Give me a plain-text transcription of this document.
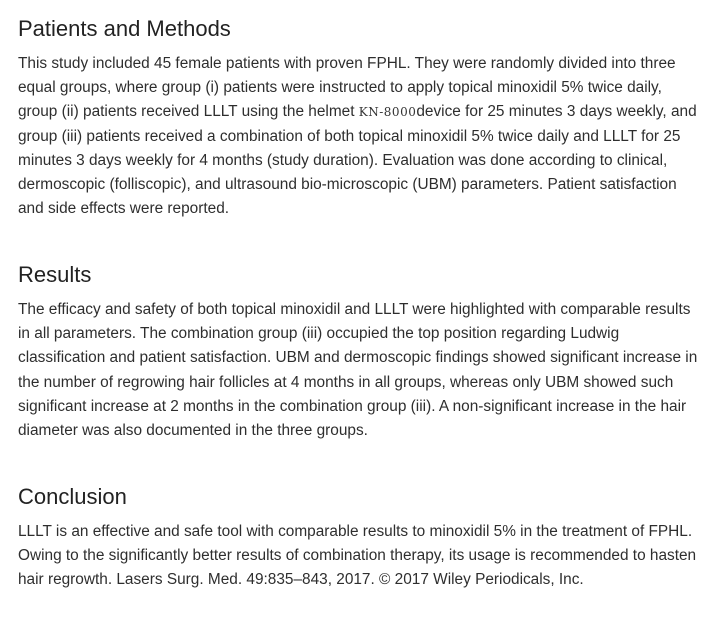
Patients and Methods

This study included 45 female patients with proven FPHL. They were randomly divided into three equal groups, where group (i) patients were instructed to apply topical minoxidil 5% twice daily, group (ii) patients received LLLT using the helmet KN-8000device for 25 minutes 3 days weekly, and group (iii) patients received a combination of both topical minoxidil 5% twice daily and LLLT for 25 minutes 3 days weekly for 4 months (study duration). Evaluation was done according to clinical, dermoscopic (folliscopic), and ultrasound bio-microscopic (UBM) parameters. Patient satisfaction and side effects were reported.

Results

The efficacy and safety of both topical minoxidil and LLLT were highlighted with comparable results in all parameters. The combination group (iii) occupied the top position regarding Ludwig classification and patient satisfaction. UBM and dermoscopic findings showed significant increase in the number of regrowing hair follicles at 4 months in all groups, whereas only UBM showed such significant increase at 2 months in the combination group (iii). A non-significant increase in the hair diameter was also documented in the three groups.

Conclusion

LLLT is an effective and safe tool with comparable results to minoxidil 5% in the treatment of FPHL. Owing to the significantly better results of combination therapy, its usage is recommended to hasten hair regrowth. Lasers Surg. Med. 49:835–843, 2017. © 2017 Wiley Periodicals, Inc.
